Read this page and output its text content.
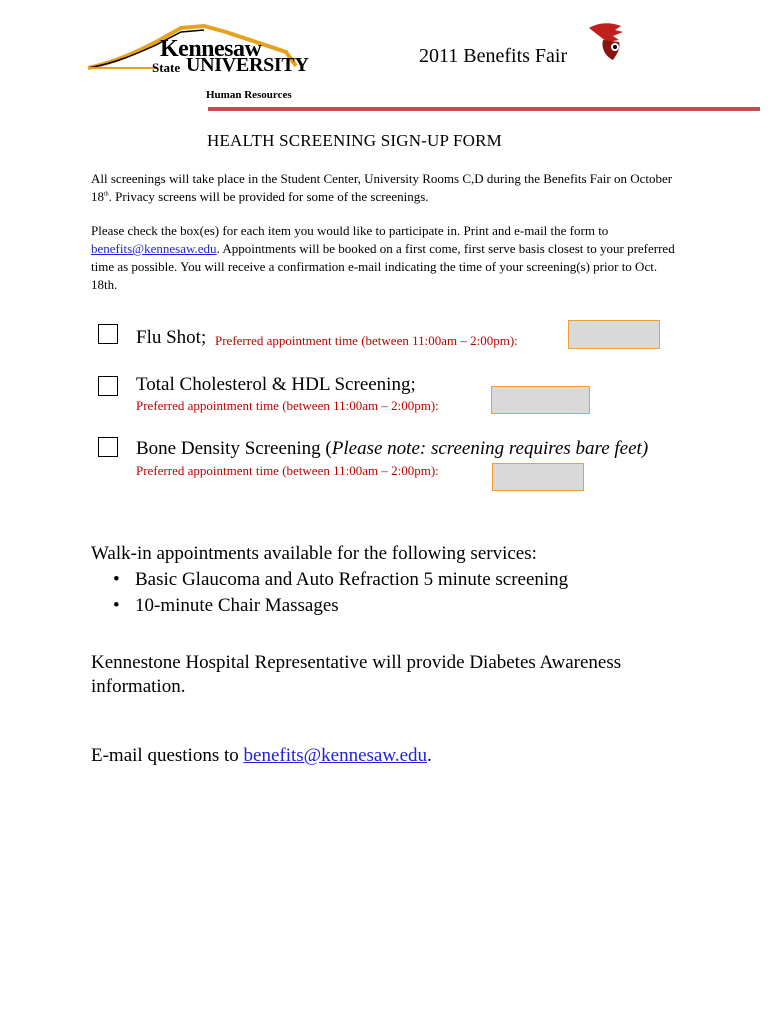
Kennesaw
State UNIVERSITY
Human Resources
2011 Benefits Fair
HEALTH SCREENING SIGN-UP FORM
All screenings will take place in the Student Center, University Rooms C,D during the Benefits Fair on October 18th. Privacy screens will be provided for some of the screenings.
Please check the box(es) for each item you would like to participate in. Print and e-mail the form to benefits@kennesaw.edu. Appointments will be booked on a first come, first serve basis closest to your preferred time as possible. You will receive a confirmation e-mail indicating the time of your screening(s) prior to Oct. 18th.
Flu Shot; Preferred appointment time (between 11:00am – 2:00pm):
Total Cholesterol & HDL Screening;
Preferred appointment time (between 11:00am – 2:00pm):
Bone Density Screening (Please note: screening requires bare feet)
Preferred appointment time (between 11:00am – 2:00pm):
Walk-in appointments available for the following services:
• Basic Glaucoma and Auto Refraction 5 minute screening
• 10-minute Chair Massages
Kennestone Hospital Representative will provide Diabetes Awareness
information.
E-mail questions to benefits@kennesaw.edu.
